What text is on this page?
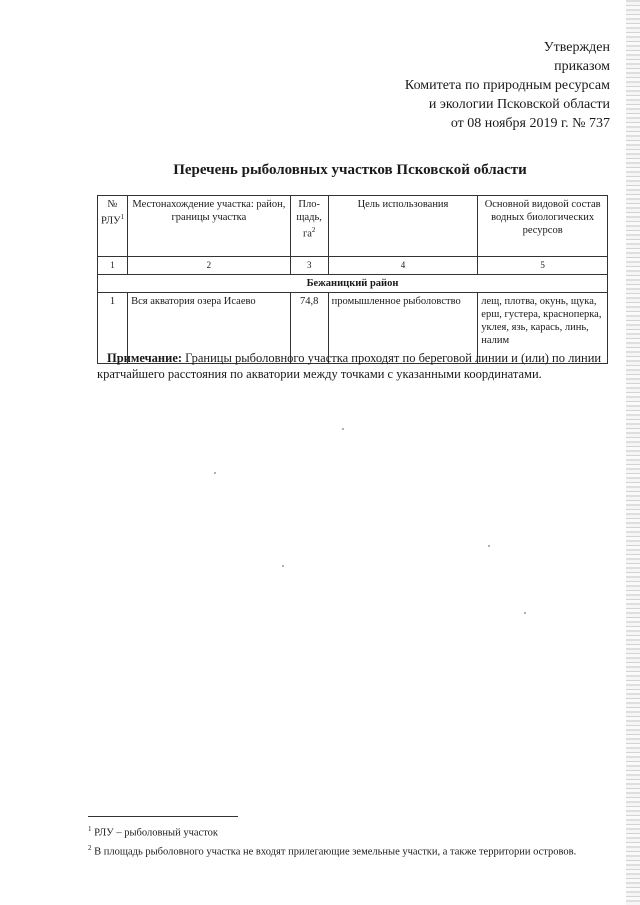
Утвержден
приказом
Комитета по природным ресурсам
и экологии Псковской области
от 08 ноября 2019 г. № 737
Перечень рыболовных участков Псковской области
№ РЛУ$^1$	Местонахождение участка: район, границы участка	Пло-щадь, $га^2$	Цель использования	Основной видовой состав водных биологических ресурсов
1	2	3	4	5
Бежаницкий район				
1	Вся акватория озера Исаево	74,8	промышленное рыболовство	лещ, плотва, окунь, щука, ерш, густера, красноперка, уклея, язь, карась, линь, налим
Примечание: Границы рыболовного участка проходят по береговой линии и (или) по линии кратчайшего расстояния по акватории между точками с указанными координатами.
$^1$ РЛУ – рыболовный участок
$^2$ В площадь рыболовного участка не входят прилегающие земельные участки, а также территории островов.
